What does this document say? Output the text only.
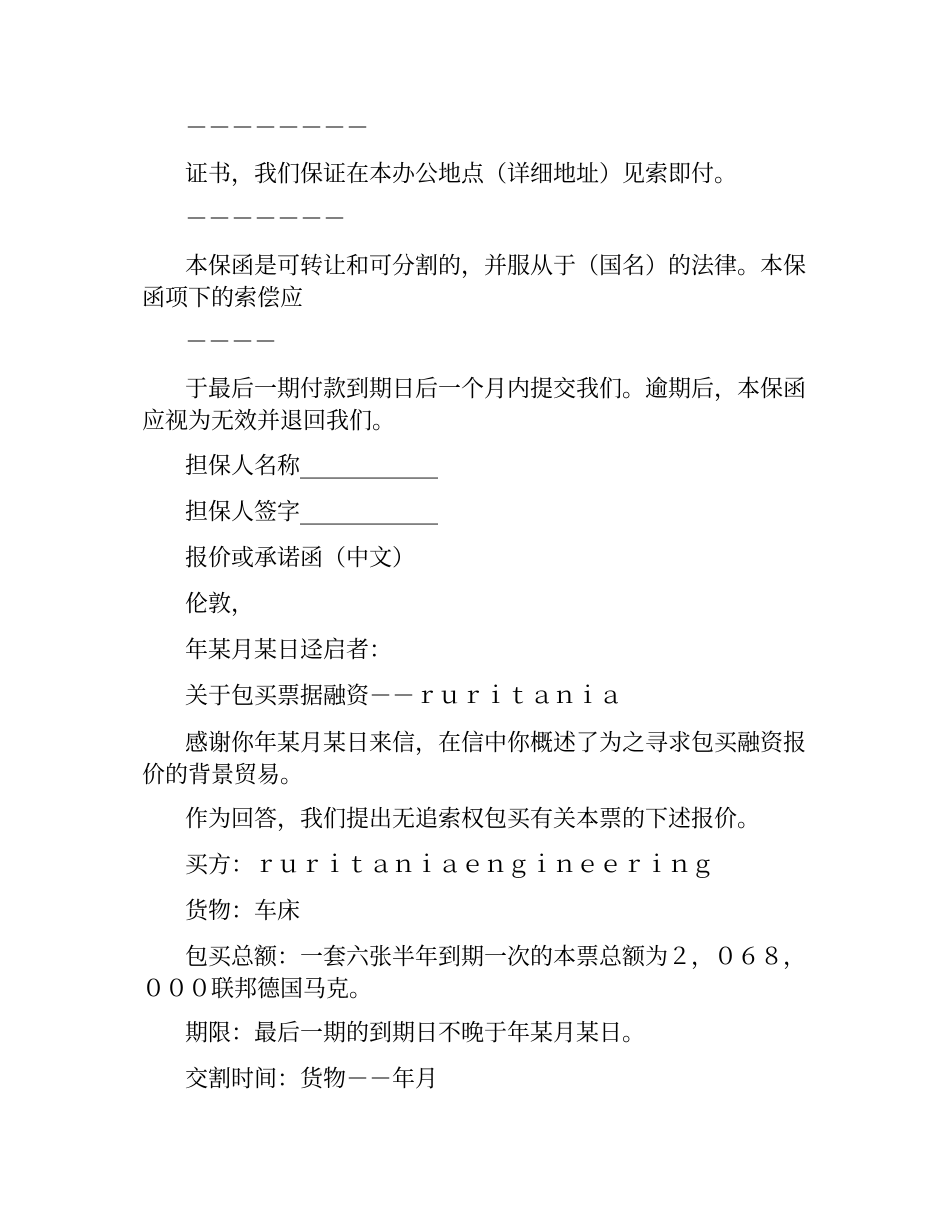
－－－－－－－－

证书，我们保证在本办公地点（详细地址）见索即付。

－－－－－－－

本保函是可转让和可分割的，并服从于（国名）的法律。本保函项下的索偿应

－－－－

于最后一期付款到期日后一个月内提交我们。逾期后，本保函应视为无效并退回我们。

担保人名称____________

担保人签字____________

报价或承诺函（中文）

伦敦，

年某月某日迳启者：

关于包买票据融资－－ｒｕｒｉｔａｎｉａ

感谢你年某月某日来信，在信中你概述了为之寻求包买融资报价的背景贸易。

作为回答，我们提出无追索权包买有关本票的下述报价。

买方：ｒｕｒｉｔａｎｉａｅｎｇｉｎｅｅｒｉｎｇ

货物：车床

包买总额：一套六张半年到期一次的本票总额为２，０６８，０００联邦德国马克。

期限：最后一期的到期日不晚于年某月某日。

交割时间：货物－－年月
